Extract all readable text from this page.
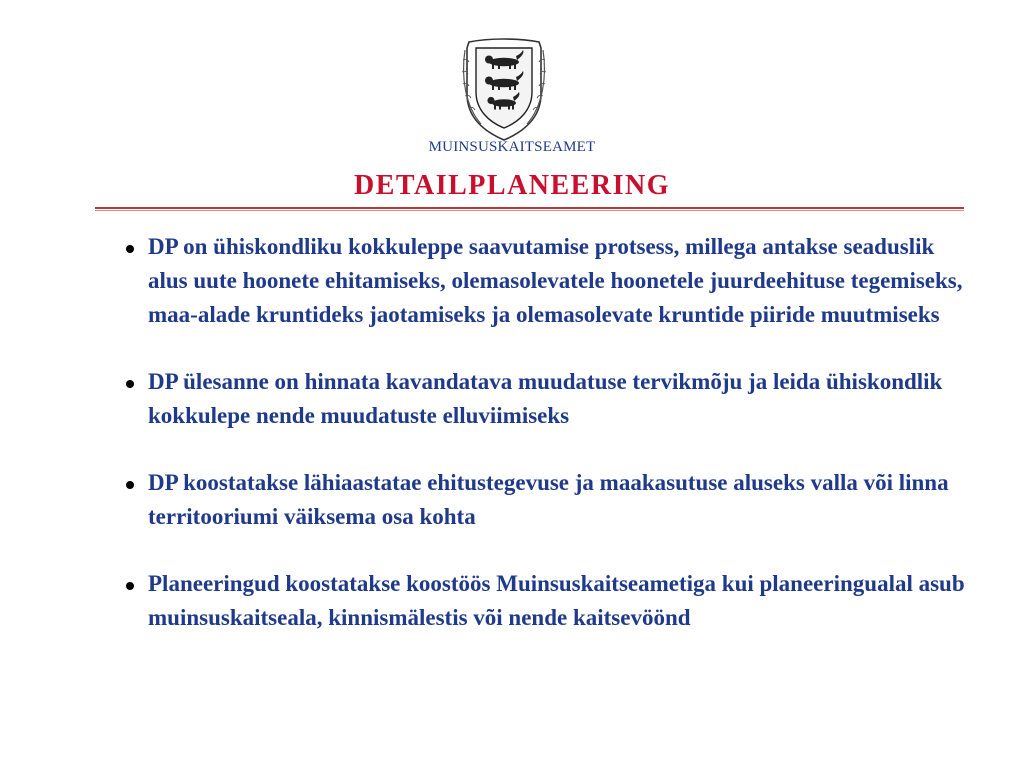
MUINSUSKAITSEAMET
DETAILPLANEERING
DP on ühiskondliku kokkuleppe saavutamise protsess, millega antakse seaduslik alus uute hoonete ehitamiseks, olemasolevatele hoonetele juurdeehituse tegemiseks, maa-alade kruntideks jaotamiseks ja olemasolevate kruntide piiride muutmiseks
DP ülesanne on hinnata kavandatava muudatuse tervikmõju ja leida ühiskondlik kokkulepe nende muudatuste elluviimiseks
DP koostatakse lähiaastatae ehitustegevuse ja maakasutuse aluseks valla või linna territooriumi väiksema osa kohta
Planeeringud koostatakse koostöös Muinsuskaitseametiga kui planeeringualal asub muinsuskaitseala, kinnismälestis või nende kaitsevöönd
